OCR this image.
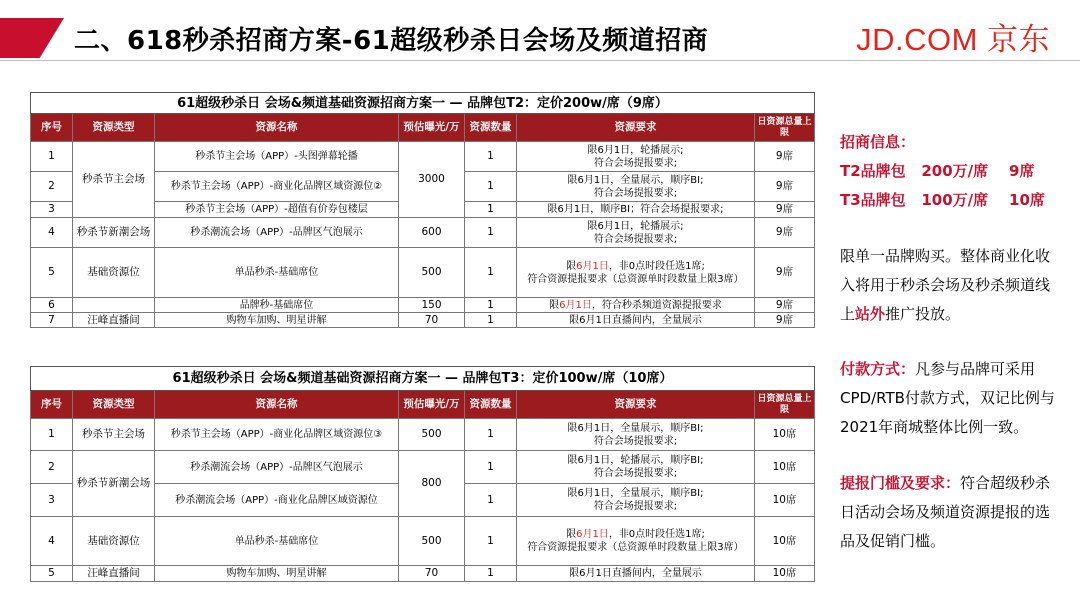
二、618秒杀招商方案-61超级秒杀日会场及频道招商	JD.COM 京东
61超级秒杀日 会场&频道基础资源招商方案一 — 品牌包T2：定价200w/席（9席）						
序号	资源类型	资源名称	预估曝光/万	资源数量	资源要求	日资源总量上限
1	秒杀节主会场	秒杀节主会场（APP）-头图弹幕轮播	3000	1	限6月1日，轮播展示;
符合会场提报要求;	9席
2		秒杀节主会场（APP）-商业化品牌区域资源位②		1	限6月1日，全量展示，顺序BI;
符合会场提报要求;	9席
3		秒杀节主会场（APP）-超值有价券包楼层		1	限6月1日，顺序BI；符合会场提报要求;	9席
4	秒杀节新潮会场	秒杀潮流会场（APP）-品牌区气泡展示	600	1	限6月1日，轮播展示;
符合会场提报要求;	9席
5	基础资源位	单品秒杀-基础席位	500	1	限6月1日，非0点时段任选1席;
符合资源提报要求（总资源单时段数量上限3席）	9席
6		品牌秒-基础席位	150	1	限6月1日，符合秒杀频道资源提报要求	9席
7	汪峰直播间	购物车加购、明星讲解	70	1	限6月1日直播间内，全量展示	9席
61超级秒杀日 会场&频道基础资源招商方案一 — 品牌包T3：定价100w/席（10席）						
序号	资源类型	资源名称	预估曝光/万	资源数量	资源要求	日资源总量上限
1	秒杀节主会场	秒杀节主会场（APP）-商业化品牌区域资源位③	500	1	限6月1日，全量展示，顺序BI;
符合会场提报要求;	10席
2	秒杀节新潮会场	秒杀潮流会场（APP）-品牌区气泡展示	800	1	限6月1日，轮播展示，顺序BI;
符合会场提报要求;	10席
3		秒杀潮流会场（APP）-商业化品牌区域资源位		1	限6月1日，全量展示，顺序BI;
符合会场提报要求;	10席
4	基础资源位	单品秒杀-基础席位	500	1	限6月1日，非0点时段任选1席;
符合资源提报要求（总资源单时段数量上限3席）	10席
5	汪峰直播间	购物车加购、明星讲解	70	1	限6月1日直播间内，全量展示	10席
招商信息：
T2品牌包 200万/席 9席
T3品牌包 100万/席 10席
限单一品牌购买。整体商业化收入将用于秒杀会场及秒杀频道线上站外推广投放。
付款方式：凡参与品牌可采用CPD/RTB付款方式，双记比例与2021年商城整体比例一致。
提报门槛及要求：符合超级秒杀日活动会场及频道资源提报的选品及促销门槛。
